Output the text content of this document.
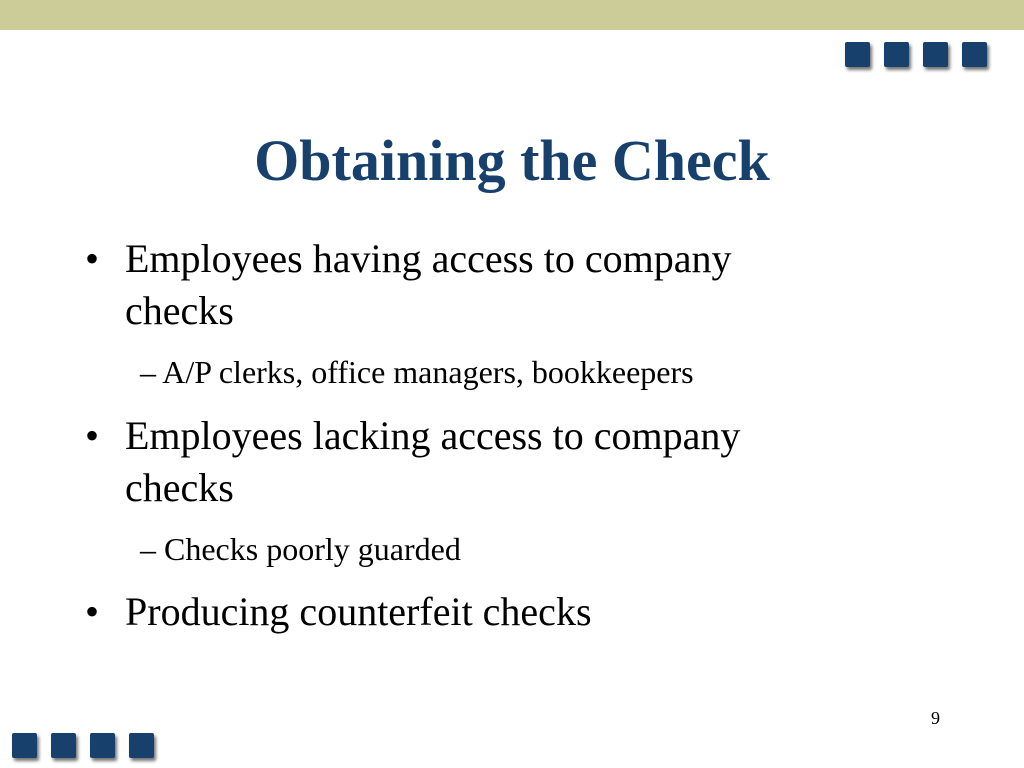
Obtaining the Check
• Employees having access to company checks
– A/P clerks, office managers, bookkeepers
• Employees lacking access to company checks
– Checks poorly guarded
• Producing counterfeit checks
9
